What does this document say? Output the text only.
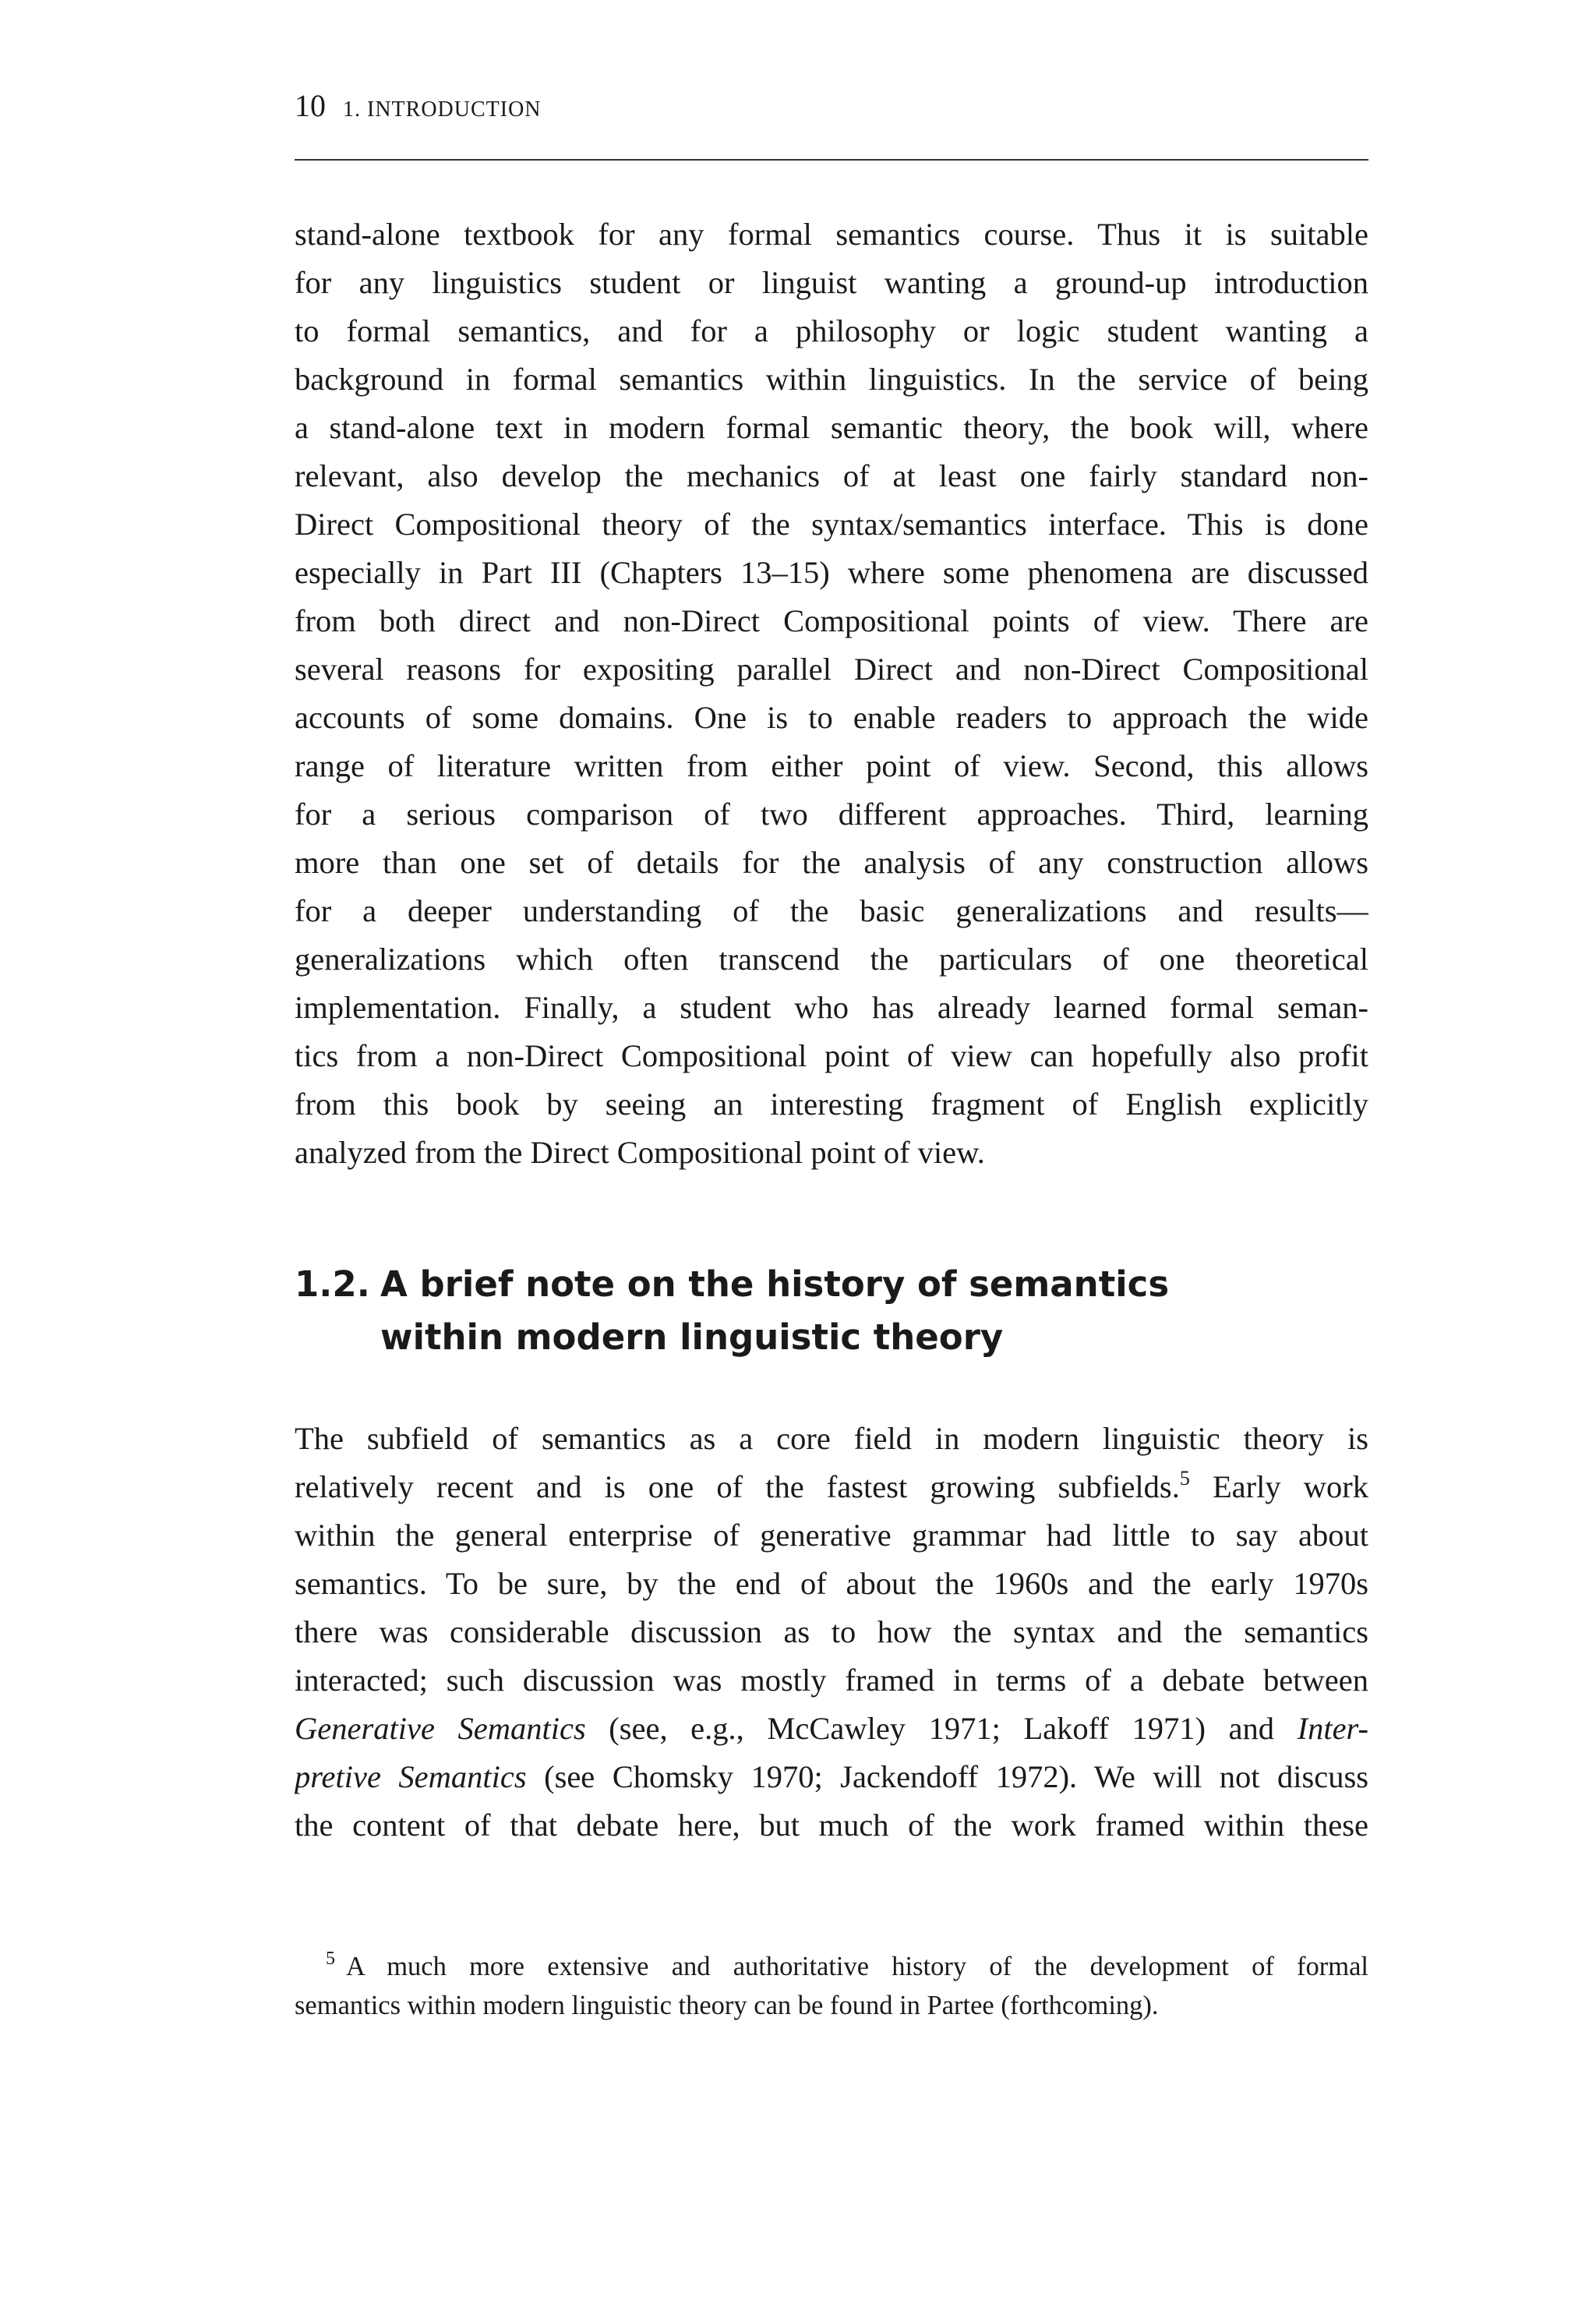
10 1. INTRODUCTION
stand-alone textbook for any formal semantics course. Thus it is suitable
for any linguistics student or linguist wanting a ground-up introduction
to formal semantics, and for a philosophy or logic student wanting a
background in formal semantics within linguistics. In the service of being
a stand-alone text in modern formal semantic theory, the book will, where
relevant, also develop the mechanics of at least one fairly standard non-
Direct Compositional theory of the syntax/semantics interface. This is done
especially in Part III (Chapters 13–15) where some phenomena are discussed
from both direct and non-Direct Compositional points of view. There are
several reasons for expositing parallel Direct and non-Direct Compositional
accounts of some domains. One is to enable readers to approach the wide
range of literature written from either point of view. Second, this allows
for a serious comparison of two different approaches. Third, learning
more than one set of details for the analysis of any construction allows
for a deeper understanding of the basic generalizations and results—
generalizations which often transcend the particulars of one theoretical
implementation. Finally, a student who has already learned formal seman-
tics from a non-Direct Compositional point of view can hopefully also profit
from this book by seeing an interesting fragment of English explicitly
analyzed from the Direct Compositional point of view.
1.2. A brief note on the history of semantics
within modern linguistic theory
The subfield of semantics as a core field in modern linguistic theory is
relatively recent and is one of the fastest growing subfields.$^5$ Early work
within the general enterprise of generative grammar had little to say about
semantics. To be sure, by the end of about the 1960s and the early 1970s
there was considerable discussion as to how the syntax and the semantics
interacted; such discussion was mostly framed in terms of a debate between
Generative Semantics (see, e.g., McCawley 1971; Lakoff 1971) and Inter-
pretive Semantics (see Chomsky 1970; Jackendoff 1972). We will not discuss
the content of that debate here, but much of the work framed within these
$^5$ A much more extensive and authoritative history of the development of formal
semantics within modern linguistic theory can be found in Partee (forthcoming).
